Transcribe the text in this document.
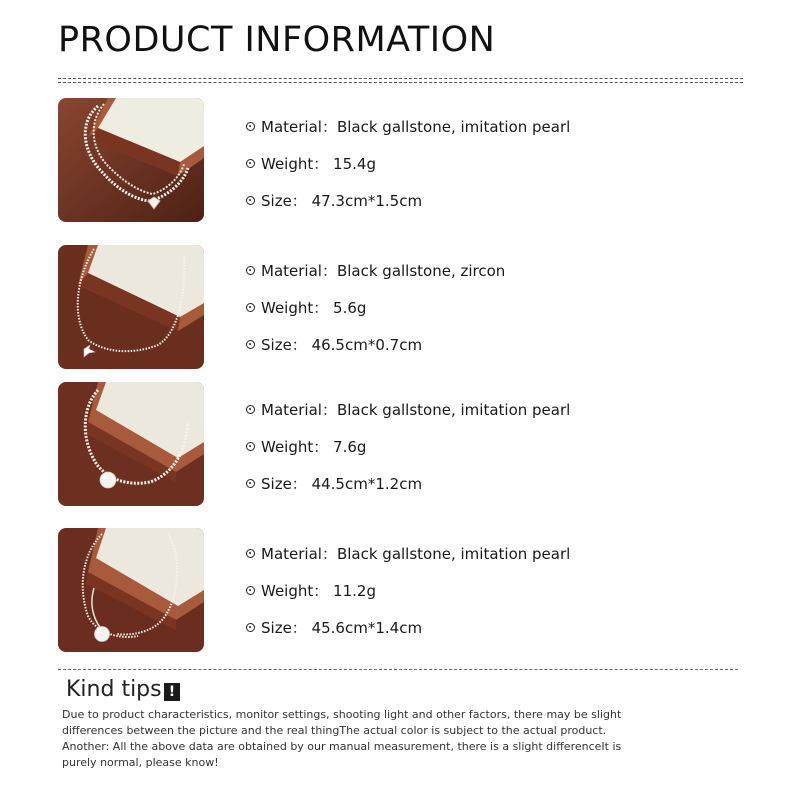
PRODUCT INFORMATION
Material：Black gallstone, imitation pearl
Weight： 15.4g
Size： 47.3cm*1.5cm
Material：Black gallstone, zircon
Weight： 5.6g
Size： 46.5cm*0.7cm
Material：Black gallstone, imitation pearl
Weight： 7.6g
Size： 44.5cm*1.2cm
Material：Black gallstone, imitation pearl
Weight： 11.2g
Size： 45.6cm*1.4cm
Kind tips !

Due to product characteristics, monitor settings, shooting light and other factors, there may be slight

differences between the picture and the real thingThe actual color is subject to the actual product.

Another: All the above data are obtained by our manual measurement, there is a slight differenceIt is

purely normal, please know!
